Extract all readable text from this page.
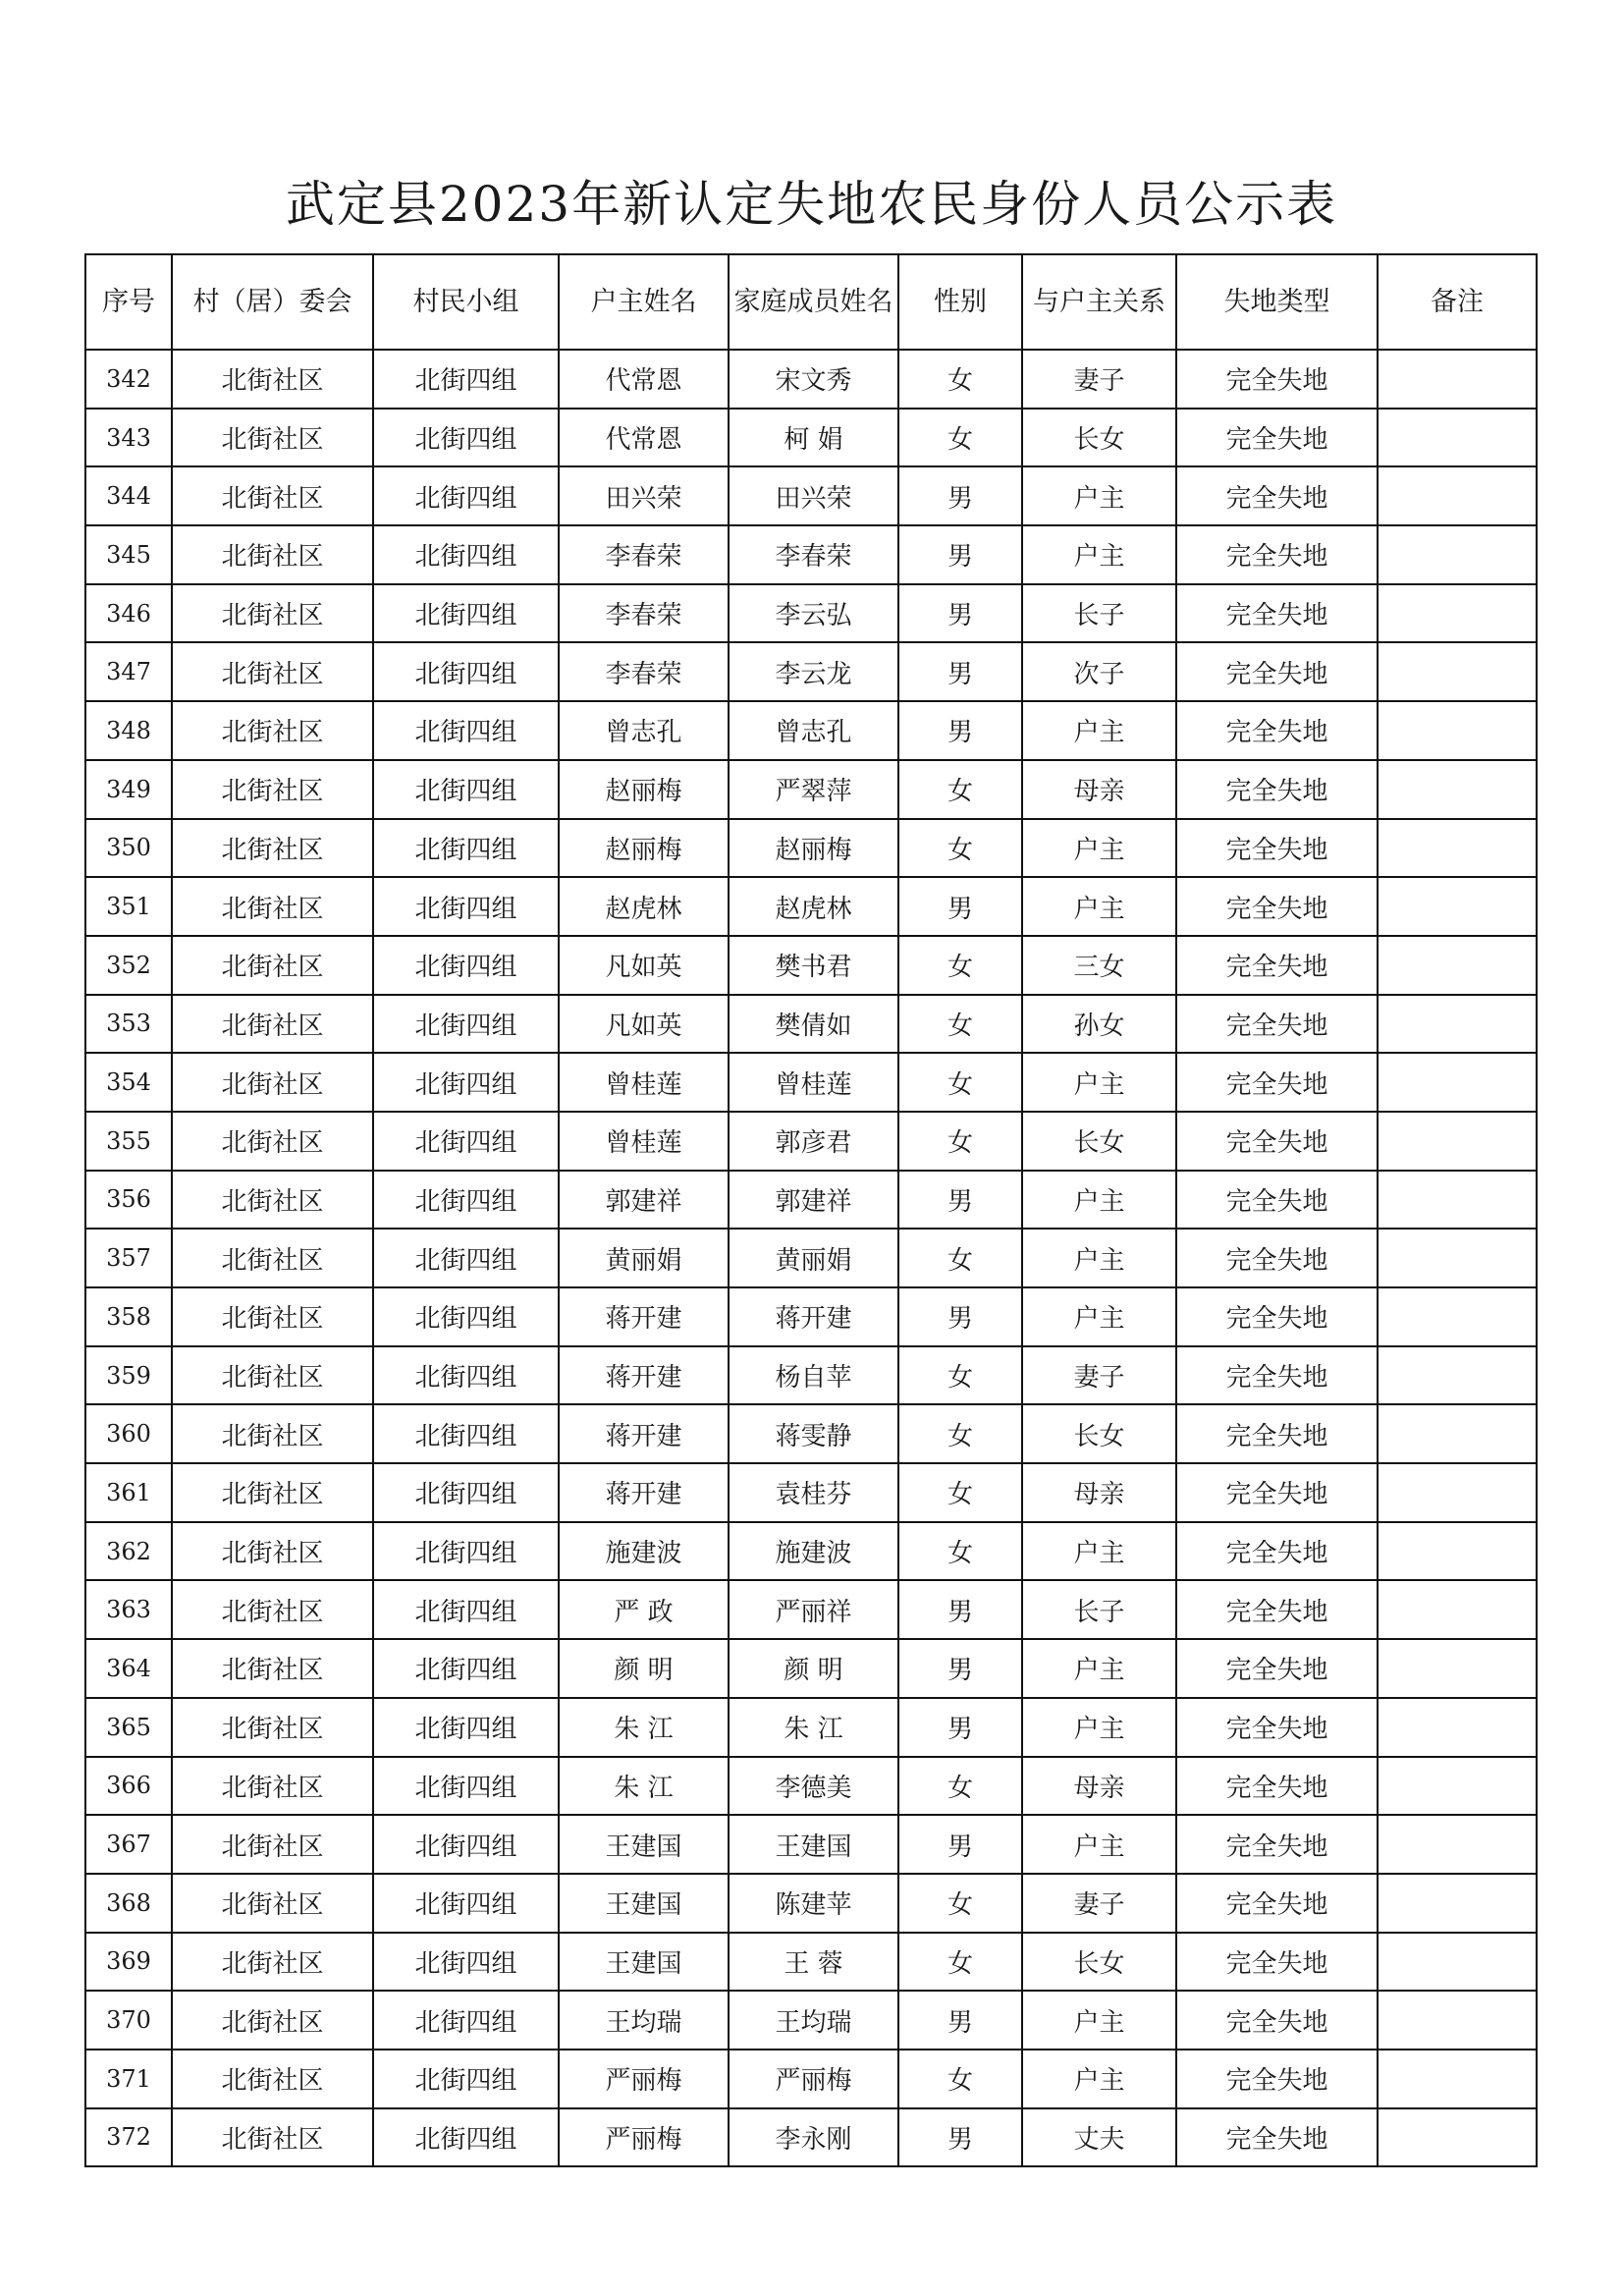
武定县2023年新认定失地农民身份人员公示表
序号	村（居）委会	村民小组	户主姓名	家庭成员姓名	性别	与户主关系	失地类型	备注
342	北街社区	北街四组	代常恩	宋文秀	女	妻子	完全失地	
343	北街社区	北街四组	代常恩	柯 娟	女	长女	完全失地	
344	北街社区	北街四组	田兴荣	田兴荣	男	户主	完全失地	
345	北街社区	北街四组	李春荣	李春荣	男	户主	完全失地	
346	北街社区	北街四组	李春荣	李云弘	男	长子	完全失地	
347	北街社区	北街四组	李春荣	李云龙	男	次子	完全失地	
348	北街社区	北街四组	曾志孔	曾志孔	男	户主	完全失地	
349	北街社区	北街四组	赵丽梅	严翠萍	女	母亲	完全失地	
350	北街社区	北街四组	赵丽梅	赵丽梅	女	户主	完全失地	
351	北街社区	北街四组	赵虎林	赵虎林	男	户主	完全失地	
352	北街社区	北街四组	凡如英	樊书君	女	三女	完全失地	
353	北街社区	北街四组	凡如英	樊倩如	女	孙女	完全失地	
354	北街社区	北街四组	曾桂莲	曾桂莲	女	户主	完全失地	
355	北街社区	北街四组	曾桂莲	郭彦君	女	长女	完全失地	
356	北街社区	北街四组	郭建祥	郭建祥	男	户主	完全失地	
357	北街社区	北街四组	黄丽娟	黄丽娟	女	户主	完全失地	
358	北街社区	北街四组	蒋开建	蒋开建	男	户主	完全失地	
359	北街社区	北街四组	蒋开建	杨自苹	女	妻子	完全失地	
360	北街社区	北街四组	蒋开建	蒋雯静	女	长女	完全失地	
361	北街社区	北街四组	蒋开建	袁桂芬	女	母亲	完全失地	
362	北街社区	北街四组	施建波	施建波	女	户主	完全失地	
363	北街社区	北街四组	严 政	严丽祥	男	长子	完全失地	
364	北街社区	北街四组	颜 明	颜 明	男	户主	完全失地	
365	北街社区	北街四组	朱 江	朱 江	男	户主	完全失地	
366	北街社区	北街四组	朱 江	李德美	女	母亲	完全失地	
367	北街社区	北街四组	王建国	王建国	男	户主	完全失地	
368	北街社区	北街四组	王建国	陈建苹	女	妻子	完全失地	
369	北街社区	北街四组	王建国	王 蓉	女	长女	完全失地	
370	北街社区	北街四组	王均瑞	王均瑞	男	户主	完全失地	
371	北街社区	北街四组	严丽梅	严丽梅	女	户主	完全失地	
372	北街社区	北街四组	严丽梅	李永刚	男	丈夫	完全失地	
